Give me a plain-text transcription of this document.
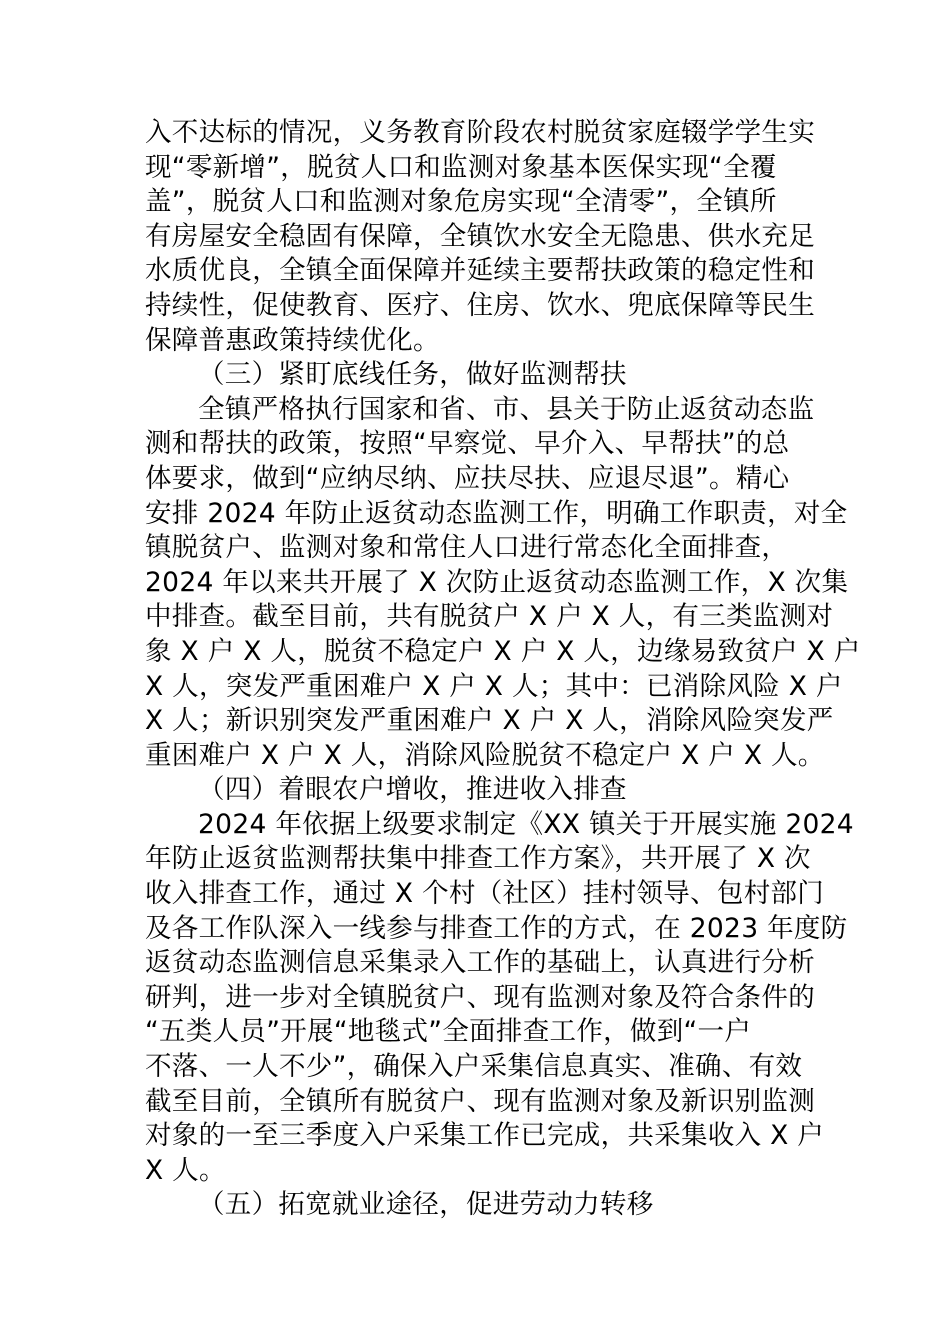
入不达标的情况，义务教育阶段农村脱贫家庭辍学学生实
现“零新增”，脱贫人口和监测对象基本医保实现“全覆
盖”，脱贫人口和监测对象危房实现“全清零”，全镇所
有房屋安全稳固有保障，全镇饮水安全无隐患、供水充足
水质优良，全镇全面保障并延续主要帮扶政策的稳定性和
持续性，促使教育、医疗、住房、饮水、兜底保障等民生
保障普惠政策持续优化。
（三）紧盯底线任务，做好监测帮扶
全镇严格执行国家和省、市、县关于防止返贫动态监
测和帮扶的政策，按照“早察觉、早介入、早帮扶”的总
体要求，做到“应纳尽纳、应扶尽扶、应退尽退”。精心
安排 2024 年防止返贫动态监测工作，明确工作职责，对全
镇脱贫户、监测对象和常住人口进行常态化全面排查，
2024 年以来共开展了 X 次防止返贫动态监测工作，X 次集
中排查。截至目前，共有脱贫户 X 户 X 人，有三类监测对
象 X 户 X 人，脱贫不稳定户 X 户 X 人，边缘易致贫户 X 户
X 人，突发严重困难户 X 户 X 人；其中：已消除风险 X 户
X 人；新识别突发严重困难户 X 户 X 人，消除风险突发严
重困难户 X 户 X 人，消除风险脱贫不稳定户 X 户 X 人。
（四）着眼农户增收，推进收入排查
2024 年依据上级要求制定《XX 镇关于开展实施 2024
年防止返贫监测帮扶集中排查工作方案》，共开展了 X 次
收入排查工作，通过 X 个村（社区）挂村领导、包村部门
及各工作队深入一线参与排查工作的方式，在 2023 年度防
返贫动态监测信息采集录入工作的基础上，认真进行分析
研判，进一步对全镇脱贫户、现有监测对象及符合条件的
“五类人员”开展“地毯式”全面排查工作，做到“一户
不落、一人不少”，确保入户采集信息真实、准确、有效
截至目前，全镇所有脱贫户、现有监测对象及新识别监测
对象的一至三季度入户采集工作已完成，共采集收入 X 户
X 人。
（五）拓宽就业途径，促进劳动力转移
